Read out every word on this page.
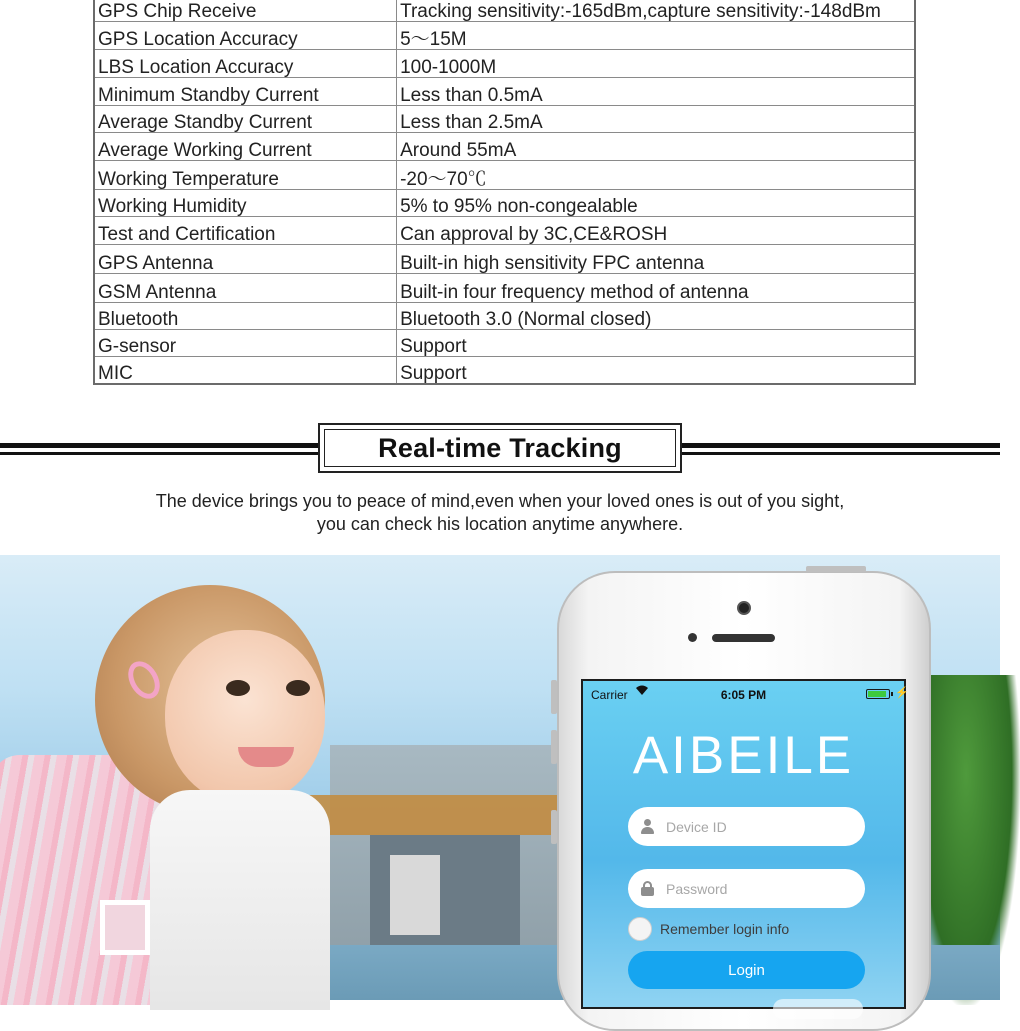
GPS Chip Receive	Tracking sensitivity:-165dBm,capture sensitivity:-148dBm
GPS Location Accuracy	5～15M
LBS Location Accuracy	100-1000M
Minimum Standby Current	Less than 0.5mA
Average Standby Current	Less than 2.5mA
Average Working Current	Around 55mA
Working Temperature	-20～70℃
Working Humidity	5% to 95% non-congealable
Test and Certification	Can approval by 3C,CE&ROSH
GPS Antenna	Built-in high sensitivity FPC antenna
GSM Antenna	Built-in four frequency method of antenna
Bluetooth	Bluetooth 3.0 (Normal closed)
G-sensor	Support
MIC	Support
Real-time Tracking
The device brings you to peace of mind,even when your loved ones is out of you sight,
you can check his location anytime anywhere.
Carrier	6:05 PM	⚡
AIBEILE
Device ID
Remember login info
Login
